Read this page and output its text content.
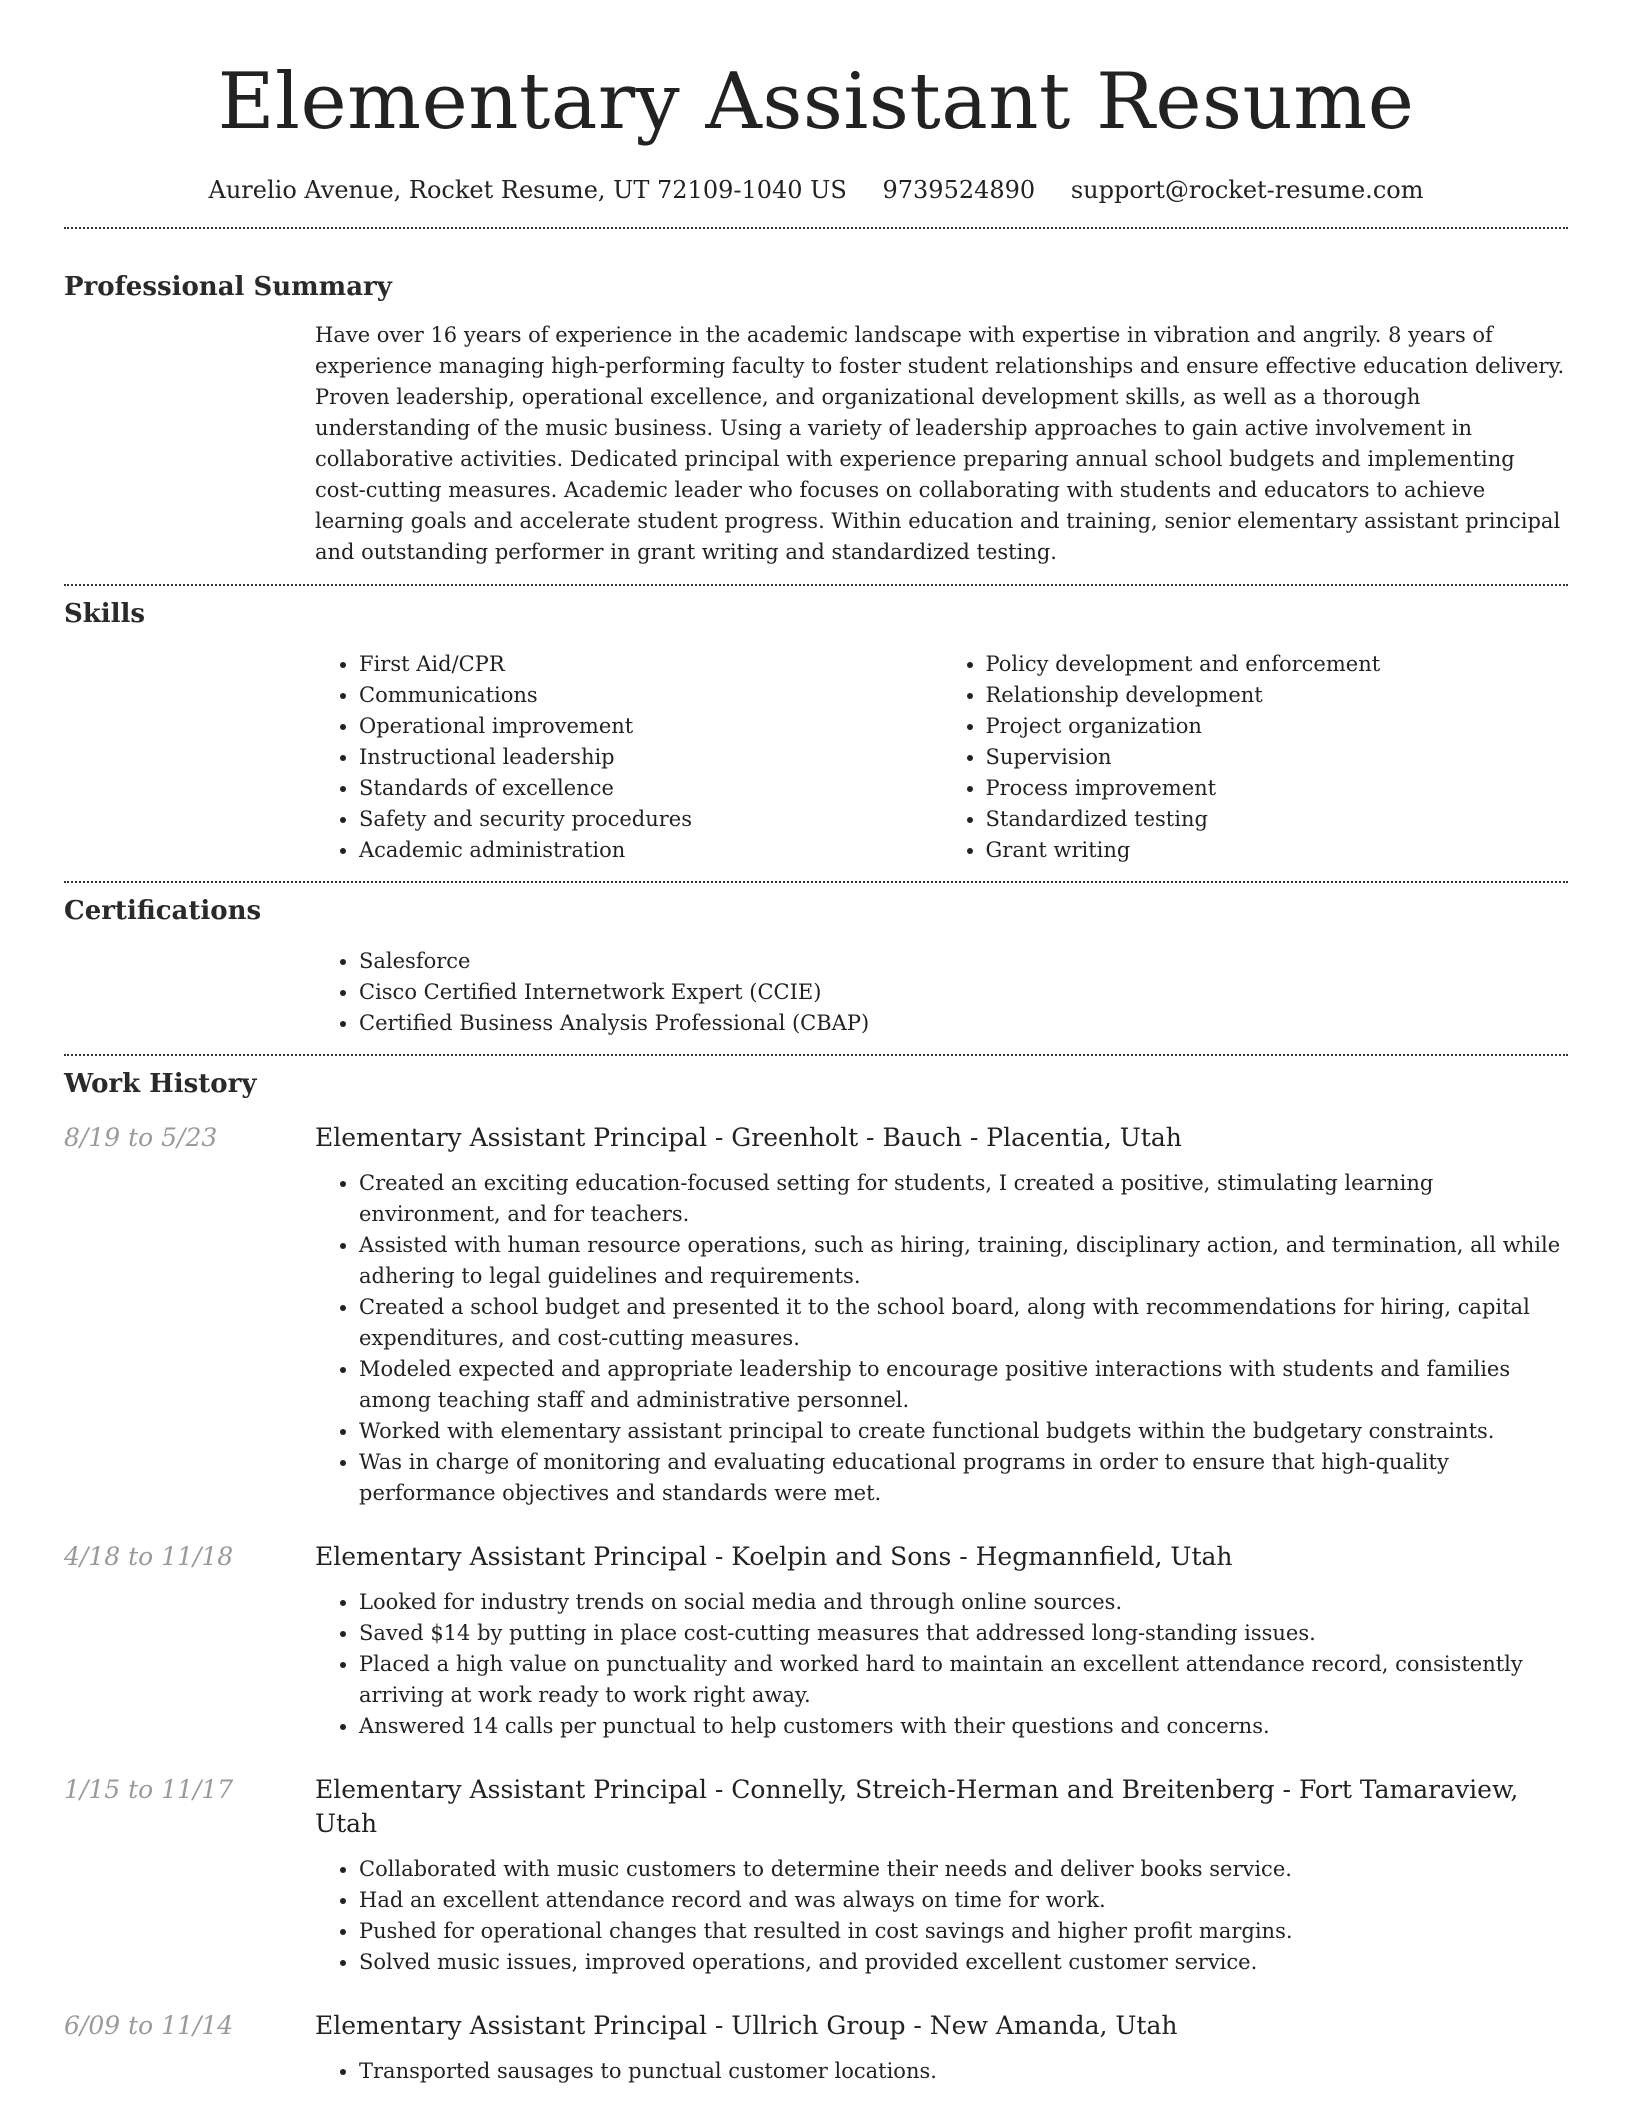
Elementary Assistant Resume
Aurelio Avenue, Rocket Resume, UT 72109-1040 US 9739524890 support@rocket-resume.com
Professional Summary

Have over 16 years of experience in the academic landscape with expertise in vibration and angrily. 8 years of experience managing high-performing faculty to foster student relationships and ensure effective education delivery. Proven leadership, operational excellence, and organizational development skills, as well as a thorough understanding of the music business. Using a variety of leadership approaches to gain active involvement in collaborative activities. Dedicated principal with experience preparing annual school budgets and implementing cost-cutting measures. Academic leader who focuses on collaborating with students and educators to achieve learning goals and accelerate student progress. Within education and training, senior elementary assistant principal and outstanding performer in grant writing and standardized testing.

Skills
• First Aid/CPR
• Communications
• Operational improvement
• Instructional leadership
• Standards of excellence
• Safety and security procedures
• Academic administration
• Policy development and enforcement
• Relationship development
• Project organization
• Supervision
• Process improvement
• Standardized testing
• Grant writing
Certifications
• Salesforce
• Cisco Certified Internetwork Expert (CCIE)
• Certified Business Analysis Professional (CBAP)
Work History
8/19 to 5/23	Elementary Assistant Principal - Greenholt - Bauch - Placentia, Utah
• Created an exciting education-focused setting for students, I created a positive, stimulating learning environment, and for teachers.
• Assisted with human resource operations, such as hiring, training, disciplinary action, and termination, all while adhering to legal guidelines and requirements.
• Created a school budget and presented it to the school board, along with recommendations for hiring, capital expenditures, and cost-cutting measures.
• Modeled expected and appropriate leadership to encourage positive interactions with students and families among teaching staff and administrative personnel.
• Worked with elementary assistant principal to create functional budgets within the budgetary constraints.
• Was in charge of monitoring and evaluating educational programs in order to ensure that high-quality performance objectives and standards were met.
4/18 to 11/18	Elementary Assistant Principal - Koelpin and Sons - Hegmannfield, Utah
• Looked for industry trends on social media and through online sources.
• Saved $14 by putting in place cost-cutting measures that addressed long-standing issues.
• Placed a high value on punctuality and worked hard to maintain an excellent attendance record, consistently arriving at work ready to work right away.
• Answered 14 calls per punctual to help customers with their questions and concerns.
1/15 to 11/17	Elementary Assistant Principal - Connelly, Streich-Herman and Breitenberg - Fort Tamaraview, Utah
• Collaborated with music customers to determine their needs and deliver books service.
• Had an excellent attendance record and was always on time for work.
• Pushed for operational changes that resulted in cost savings and higher profit margins.
• Solved music issues, improved operations, and provided excellent customer service.
6/09 to 11/14	Elementary Assistant Principal - Ullrich Group - New Amanda, Utah
• Transported sausages to punctual customer locations.
